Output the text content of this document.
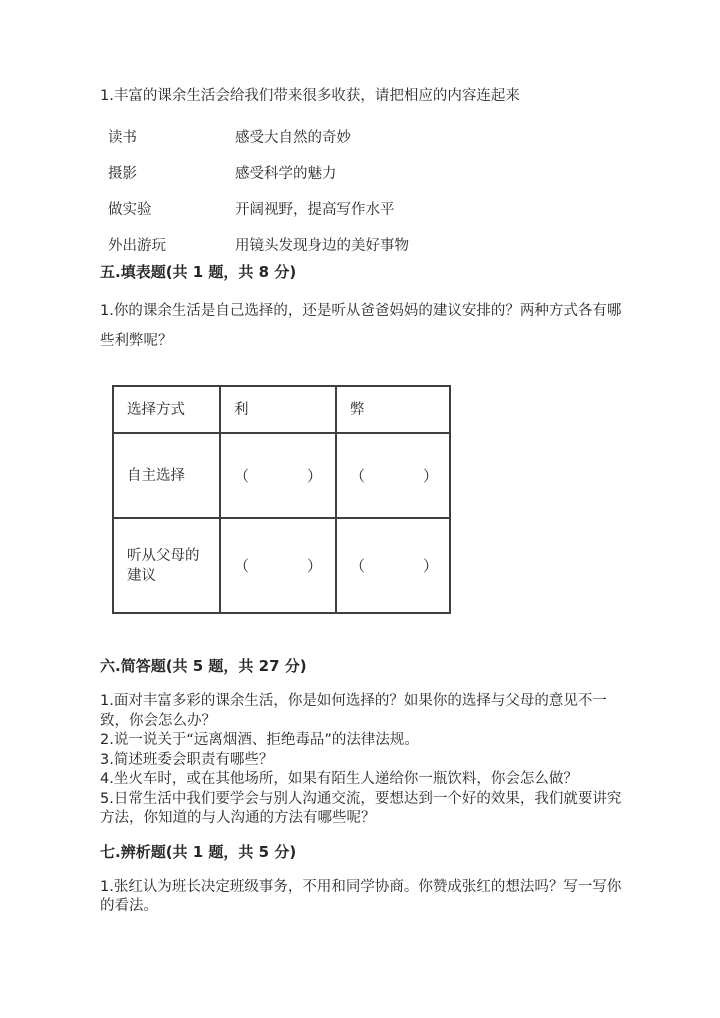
1.丰富的课余生活会给我们带来很多收获，请把相应的内容连起来
读书	感受大自然的奇妙
摄影	感受科学的魅力
做实验	开阔视野，提高写作水平
外出游玩	用镜头发现身边的美好事物
五.填表题(共 1 题，共 8 分)
1.你的课余生活是自己选择的，还是听从爸爸妈妈的建议安排的？两种方式各有哪些利弊呢？
选择方式	利	弊
自主选择	（ ）	（ ）

听从父母的建议	（ ）	（ ）
六.简答题(共 5 题，共 27 分)
1.面对丰富多彩的课余生活，你是如何选择的？如果你的选择与父母的意见不一致，你会怎么办？
2.说一说关于“远离烟酒、拒绝毒品”的法律法规。
3.简述班委会职责有哪些？
4.坐火车时，或在其他场所，如果有陌生人递给你一瓶饮料，你会怎么做？
5.日常生活中我们要学会与别人沟通交流，要想达到一个好的效果，我们就要讲究方法，你知道的与人沟通的方法有哪些呢？
七.辨析题(共 1 题，共 5 分)
1.张红认为班长决定班级事务，不用和同学协商。你赞成张红的想法吗？写一写你的看法。
